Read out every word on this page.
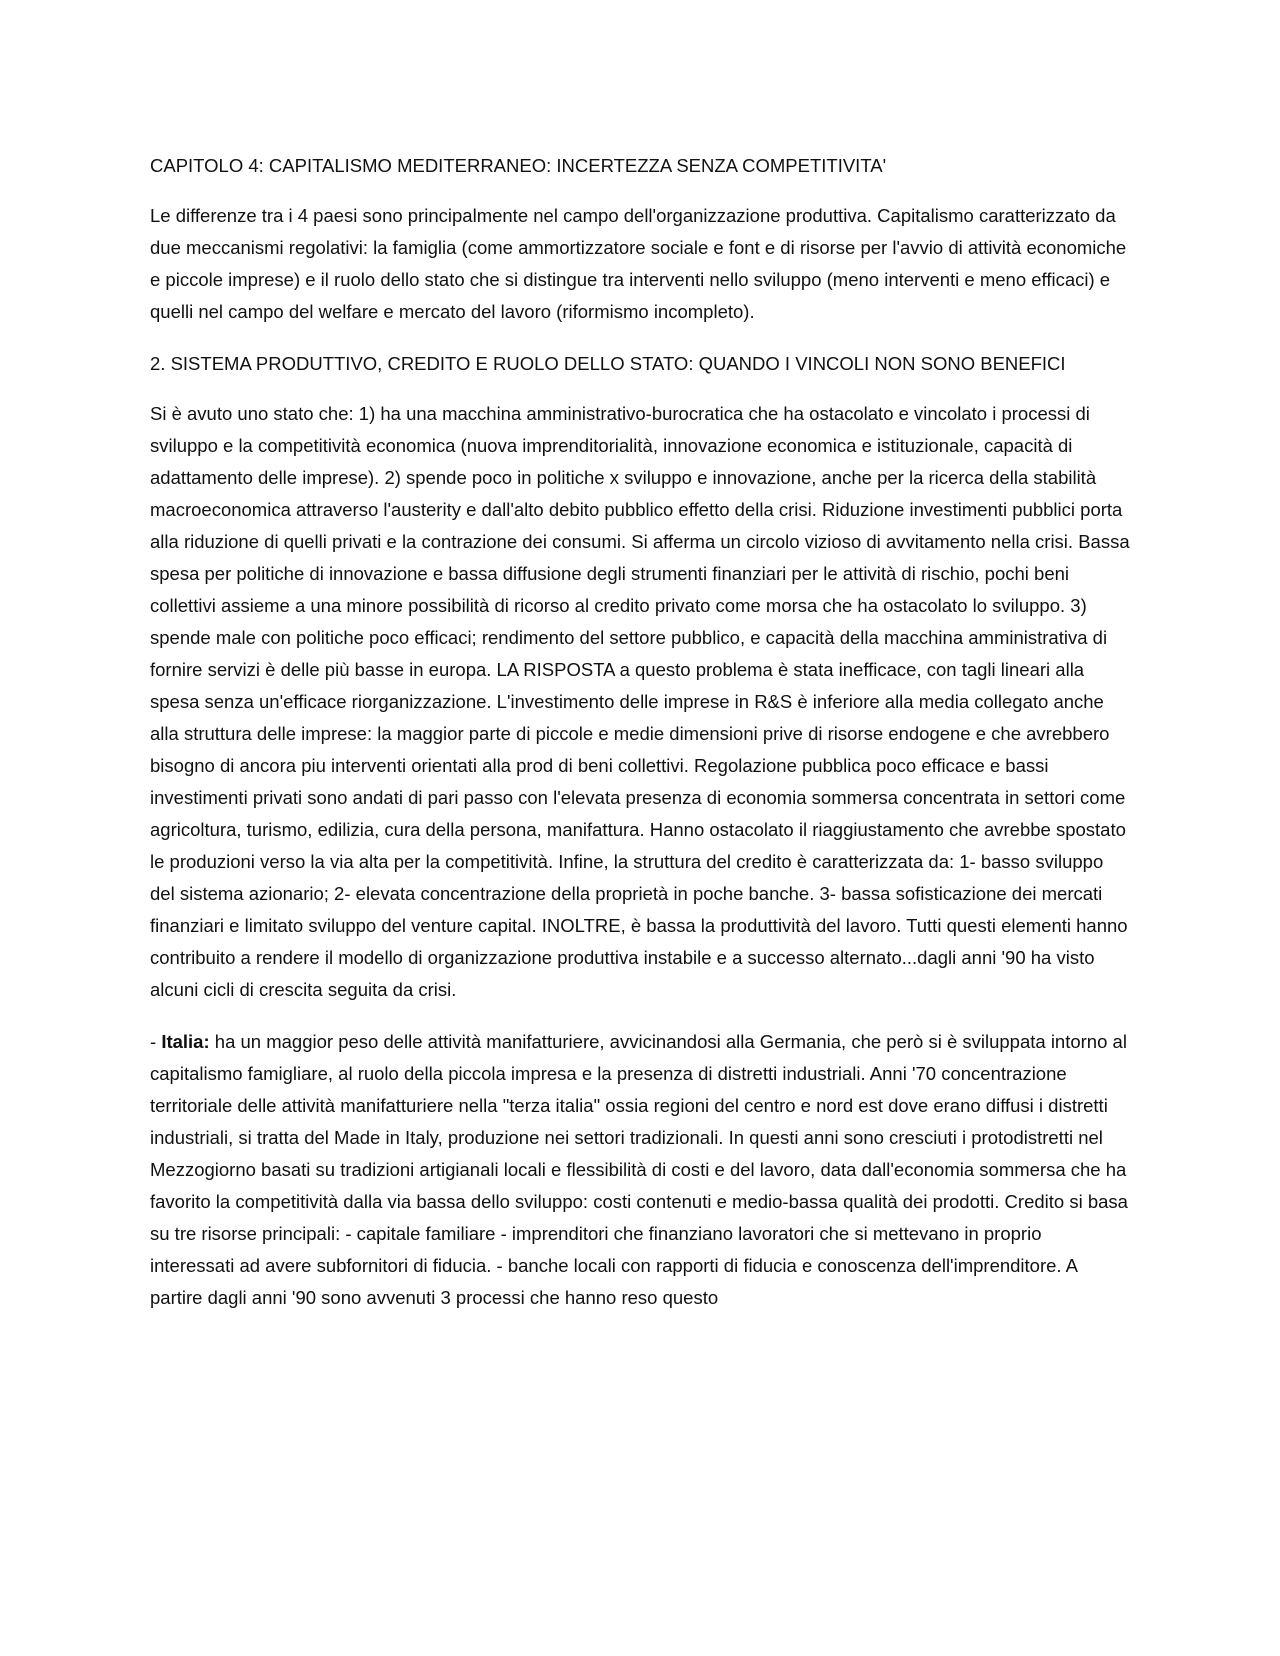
CAPITOLO 4: CAPITALISMO MEDITERRANEO: INCERTEZZA SENZA COMPETITIVITA'

Le differenze tra i 4 paesi sono principalmente nel campo dell'organizzazione produttiva. Capitalismo caratterizzato da due meccanismi regolativi: la famiglia (come ammortizzatore sociale e font e di risorse per l'avvio di attività economiche e piccole imprese) e il ruolo dello stato che si distingue tra interventi nello sviluppo (meno interventi e meno efficaci) e quelli nel campo del welfare e mercato del lavoro (riformismo incompleto).

2. SISTEMA PRODUTTIVO, CREDITO E RUOLO DELLO STATO: QUANDO I VINCOLI NON SONO BENEFICI

Si è avuto uno stato che: 1) ha una macchina amministrativo-burocratica che ha ostacolato e vincolato i processi di sviluppo e la competitività economica (nuova imprenditorialità, innovazione economica e istituzionale, capacità di adattamento delle imprese). 2) spende poco in politiche x sviluppo e innovazione, anche per la ricerca della stabilità macroeconomica attraverso l'austerity e dall'alto debito pubblico effetto della crisi. Riduzione investimenti pubblici porta alla riduzione di quelli privati e la contrazione dei consumi. Si afferma un circolo vizioso di avvitamento nella crisi. Bassa spesa per politiche di innovazione e bassa diffusione degli strumenti finanziari per le attività di rischio, pochi beni collettivi assieme a una minore possibilità di ricorso al credito privato come morsa che ha ostacolato lo sviluppo. 3) spende male con politiche poco efficaci; rendimento del settore pubblico, e capacità della macchina amministrativa di fornire servizi è delle più basse in europa. LA RISPOSTA a questo problema è stata inefficace, con tagli lineari alla spesa senza un'efficace riorganizzazione. L'investimento delle imprese in R&S è inferiore alla media collegato anche alla struttura delle imprese: la maggior parte di piccole e medie dimensioni prive di risorse endogene e che avrebbero bisogno di ancora piu interventi orientati alla prod di beni collettivi. Regolazione pubblica poco efficace e bassi investimenti privati sono andati di pari passo con l'elevata presenza di economia sommersa concentrata in settori come agricoltura, turismo, edilizia, cura della persona, manifattura. Hanno ostacolato il riaggiustamento che avrebbe spostato le produzioni verso la via alta per la competitività. Infine, la struttura del credito è caratterizzata da: 1- basso sviluppo del sistema azionario; 2- elevata concentrazione della proprietà in poche banche. 3- bassa sofisticazione dei mercati finanziari e limitato sviluppo del venture capital. INOLTRE, è bassa la produttività del lavoro. Tutti questi elementi hanno contribuito a rendere il modello di organizzazione produttiva instabile e a successo alternato...dagli anni '90 ha visto alcuni cicli di crescita seguita da crisi.

- Italia: ha un maggior peso delle attività manifatturiere, avvicinandosi alla Germania, che però si è sviluppata intorno al capitalismo famigliare, al ruolo della piccola impresa e la presenza di distretti industriali. Anni '70 concentrazione territoriale delle attività manifatturiere nella "terza italia" ossia regioni del centro e nord est dove erano diffusi i distretti industriali, si tratta del Made in Italy, produzione nei settori tradizionali. In questi anni sono cresciuti i protodistretti nel Mezzogiorno basati su tradizioni artigianali locali e flessibilità di costi e del lavoro, data dall'economia sommersa che ha favorito la competitività dalla via bassa dello sviluppo: costi contenuti e medio-bassa qualità dei prodotti. Credito si basa su tre risorse principali: - capitale familiare - imprenditori che finanziano lavoratori che si mettevano in proprio interessati ad avere subfornitori di fiducia. - banche locali con rapporti di fiducia e conoscenza dell'imprenditore. A partire dagli anni '90 sono avvenuti 3 processi che hanno reso questo
